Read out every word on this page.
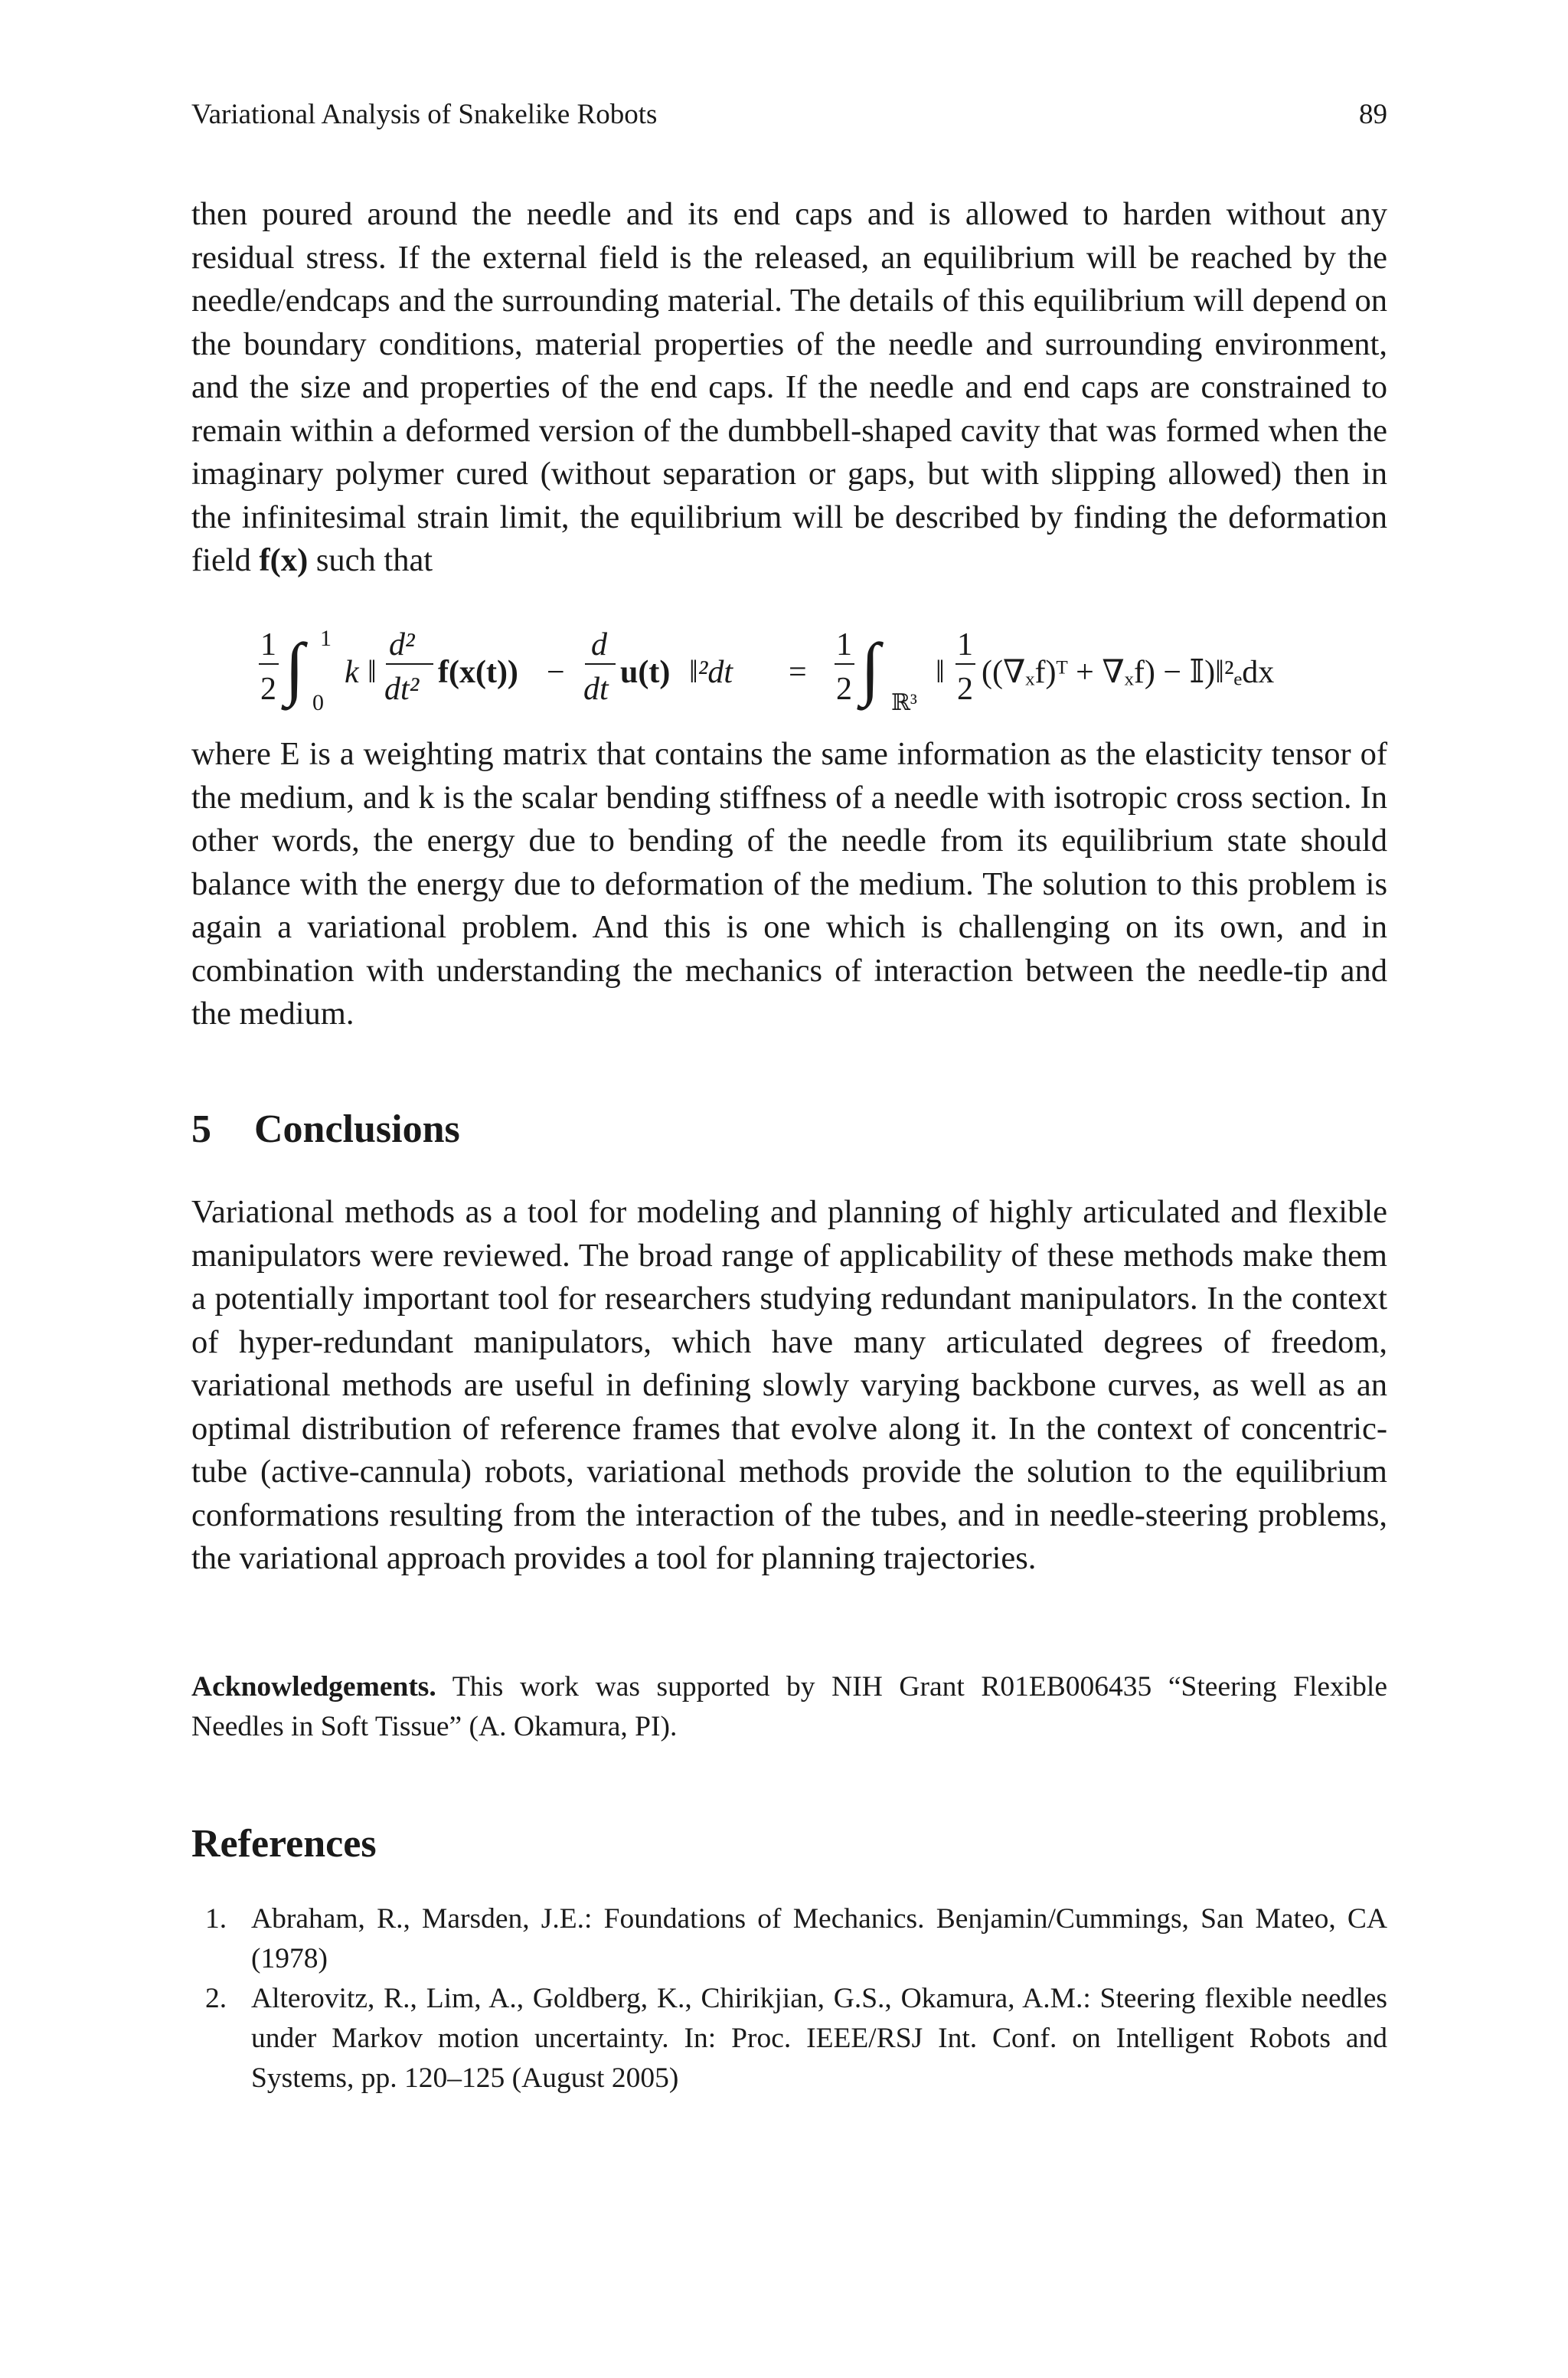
Variational Analysis of Snakelike Robots	89

then poured around the needle and its end caps and is allowed to harden without any residual stress. If the external field is the released, an equilibrium will be reached by the needle/endcaps and the surrounding material. The details of this equilibrium will depend on the boundary conditions, material properties of the needle and surrounding environment, and the size and properties of the end caps. If the needle and end caps are constrained to remain within a deformed version of the dumbbell-shaped cavity that was formed when the imaginary polymer cured (without separation or gaps, but with slipping allowed) then in the infinitesimal strain limit, the equilibrium will be described by finding the deformation field f(x) such that

1
2 ∫ 1
0
k ‖
d²
dt² f(x(t)) −
d
dt u(t) ‖²dt =
1
2 ∫ ℝ³
‖
1
2 ((∇ₓf)ᵀ + ∇ₓf) − 𝕀)‖²ₑdx

where E is a weighting matrix that contains the same information as the elasticity tensor of the medium, and k is the scalar bending stiffness of a needle with isotropic cross section. In other words, the energy due to bending of the needle from its equilibrium state should balance with the energy due to deformation of the medium. The solution to this problem is again a variational problem. And this is one which is challenging on its own, and in combination with understanding the mechanics of interaction between the needle-tip and the medium.

5 Conclusions

Variational methods as a tool for modeling and planning of highly articulated and flexible manipulators were reviewed. The broad range of applicability of these methods make them a potentially important tool for researchers studying redundant manipulators. In the context of hyper-redundant manipulators, which have many articulated degrees of freedom, variational methods are useful in defining slowly varying backbone curves, as well as an optimal distribution of reference frames that evolve along it. In the context of concentric-tube (active-cannula) robots, variational methods provide the solution to the equilibrium conformations resulting from the interaction of the tubes, and in needle-steering problems, the variational approach provides a tool for planning trajectories.

Acknowledgements. This work was supported by NIH Grant R01EB006435 “Steering Flexible Needles in Soft Tissue” (A. Okamura, PI).

References
1. Abraham, R., Marsden, J.E.: Foundations of Mechanics. Benjamin/Cummings, San Mateo, CA (1978)
2. Alterovitz, R., Lim, A., Goldberg, K., Chirikjian, G.S., Okamura, A.M.: Steering flexible needles under Markov motion uncertainty. In: Proc. IEEE/RSJ Int. Conf. on Intelligent Robots and Systems, pp. 120–125 (August 2005)
